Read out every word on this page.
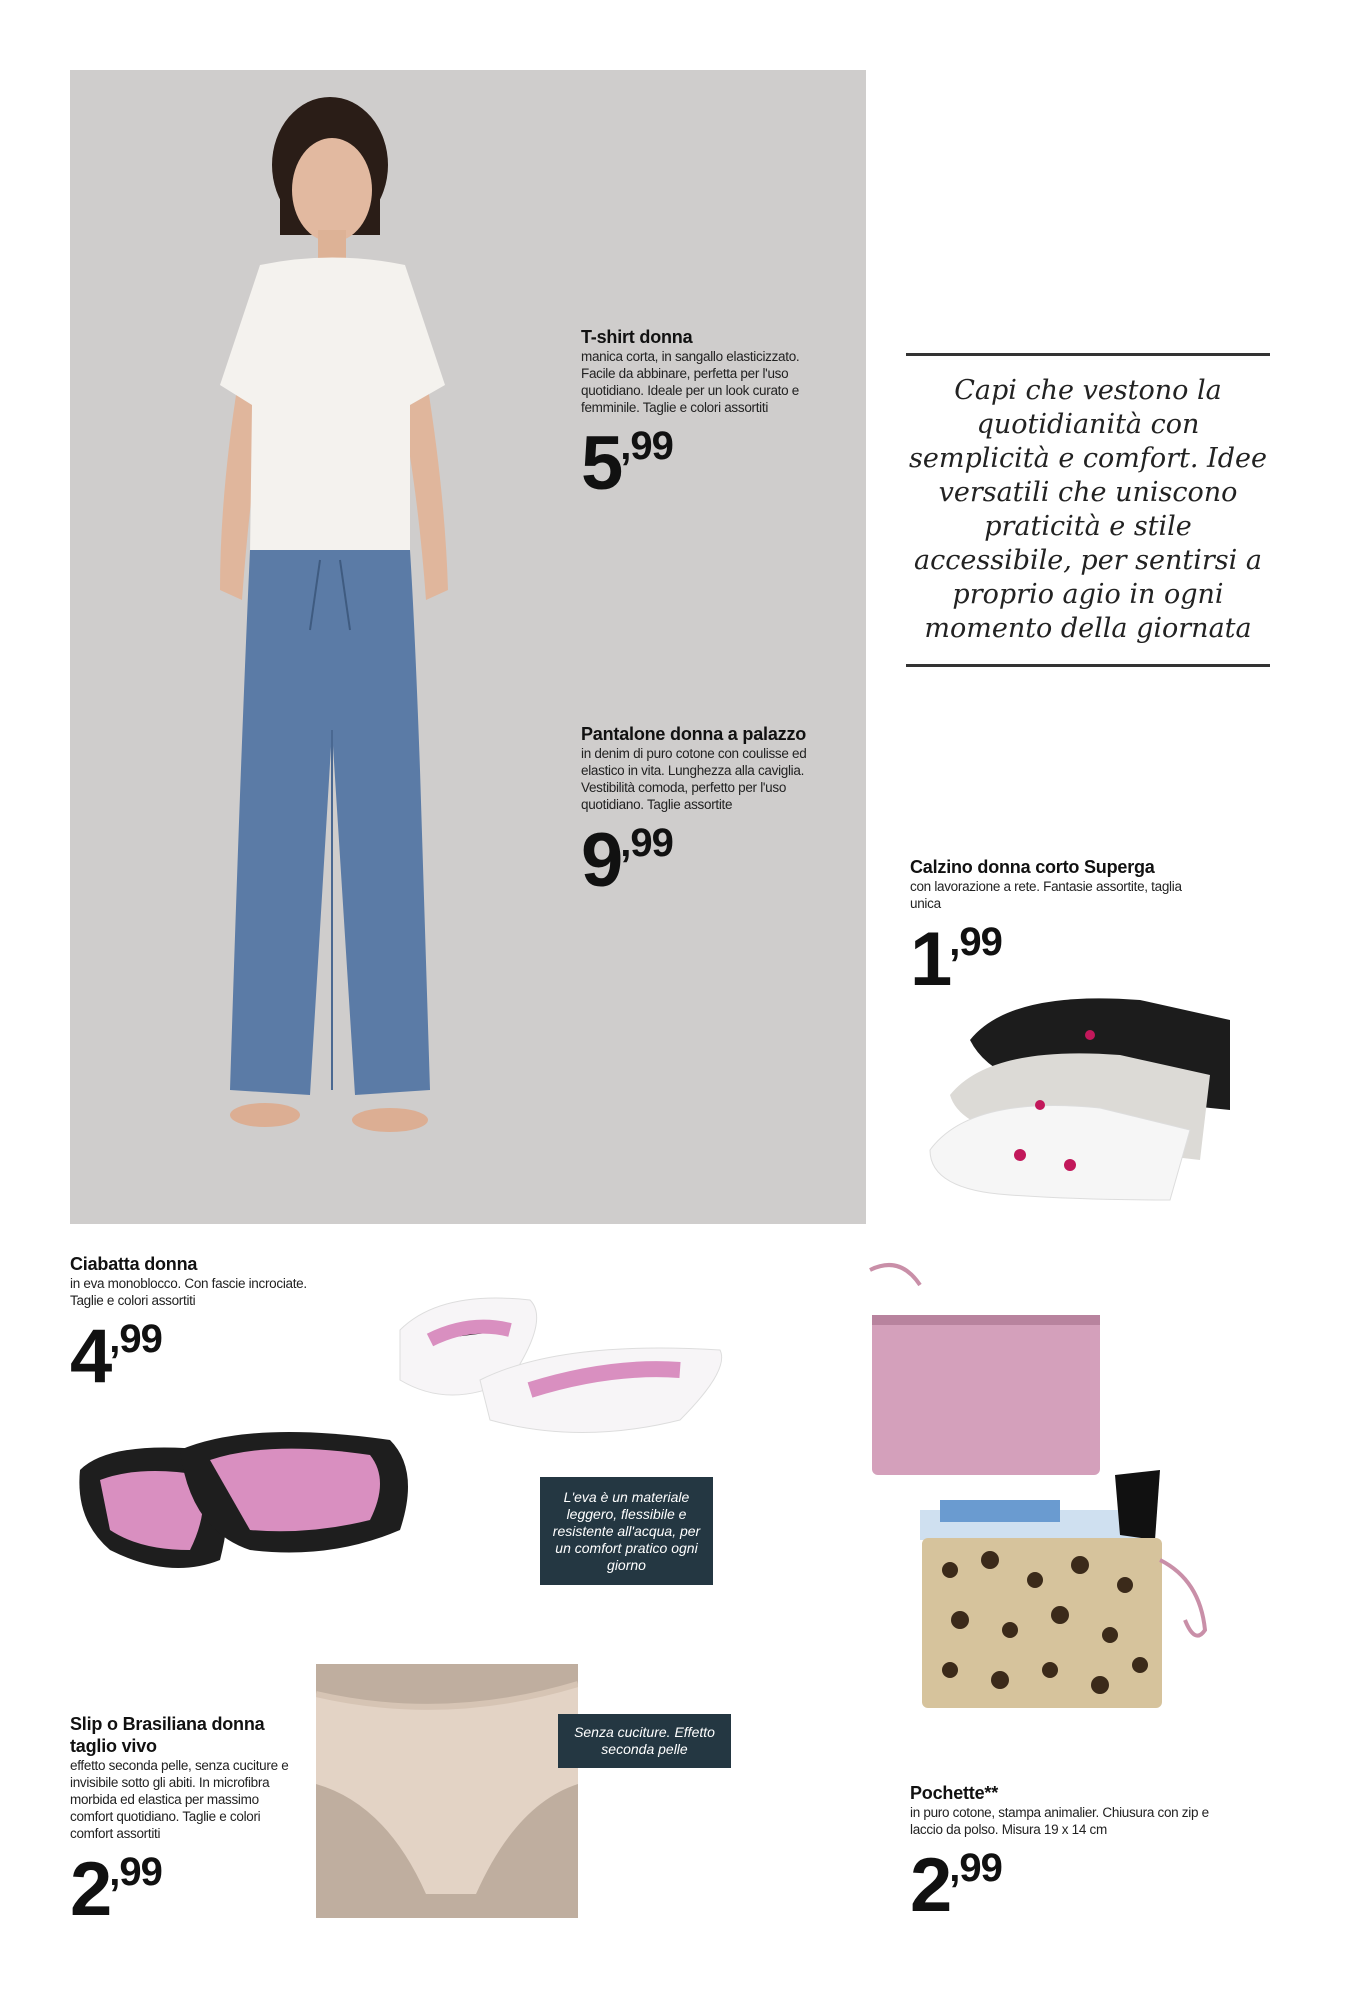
T-shirt donna
manica corta, in sangallo elasticizzato. Facile da abbinare, perfetta per l'uso quotidiano. Ideale per un look curato e femminile. Taglie e colori assortiti
5,99
Pantalone donna a palazzo
in denim di puro cotone con coulisse ed elastico in vita. Lunghezza alla caviglia. Vestibilità comoda, perfetto per l'uso quotidiano. Taglie assortite
9,99
Capi che vestono la quotidianità con semplicità e comfort. Idee versatili che uniscono praticità e stile accessibile, per sentirsi a proprio agio in ogni momento della giornata
Calzino donna corto Superga
con lavorazione a rete. Fantasie assortite, taglia unica
1,99
Ciabatta donna
in eva monoblocco. Con fascie incrociate. Taglie e colori assortiti
4,99
L'eva è un materiale leggero, flessibile e resistente all'acqua, per un comfort pratico ogni giorno
Pochette**
in puro cotone, stampa animalier. Chiusura con zip e laccio da polso. Misura 19 x 14 cm
2,99
Slip o Brasiliana donna taglio vivo
effetto seconda pelle, senza cuciture e invisibile sotto gli abiti. In microfibra morbida ed elastica per massimo comfort quotidiano. Taglie e colori comfort assortiti
2,99
Senza cuciture. Effetto seconda pelle
